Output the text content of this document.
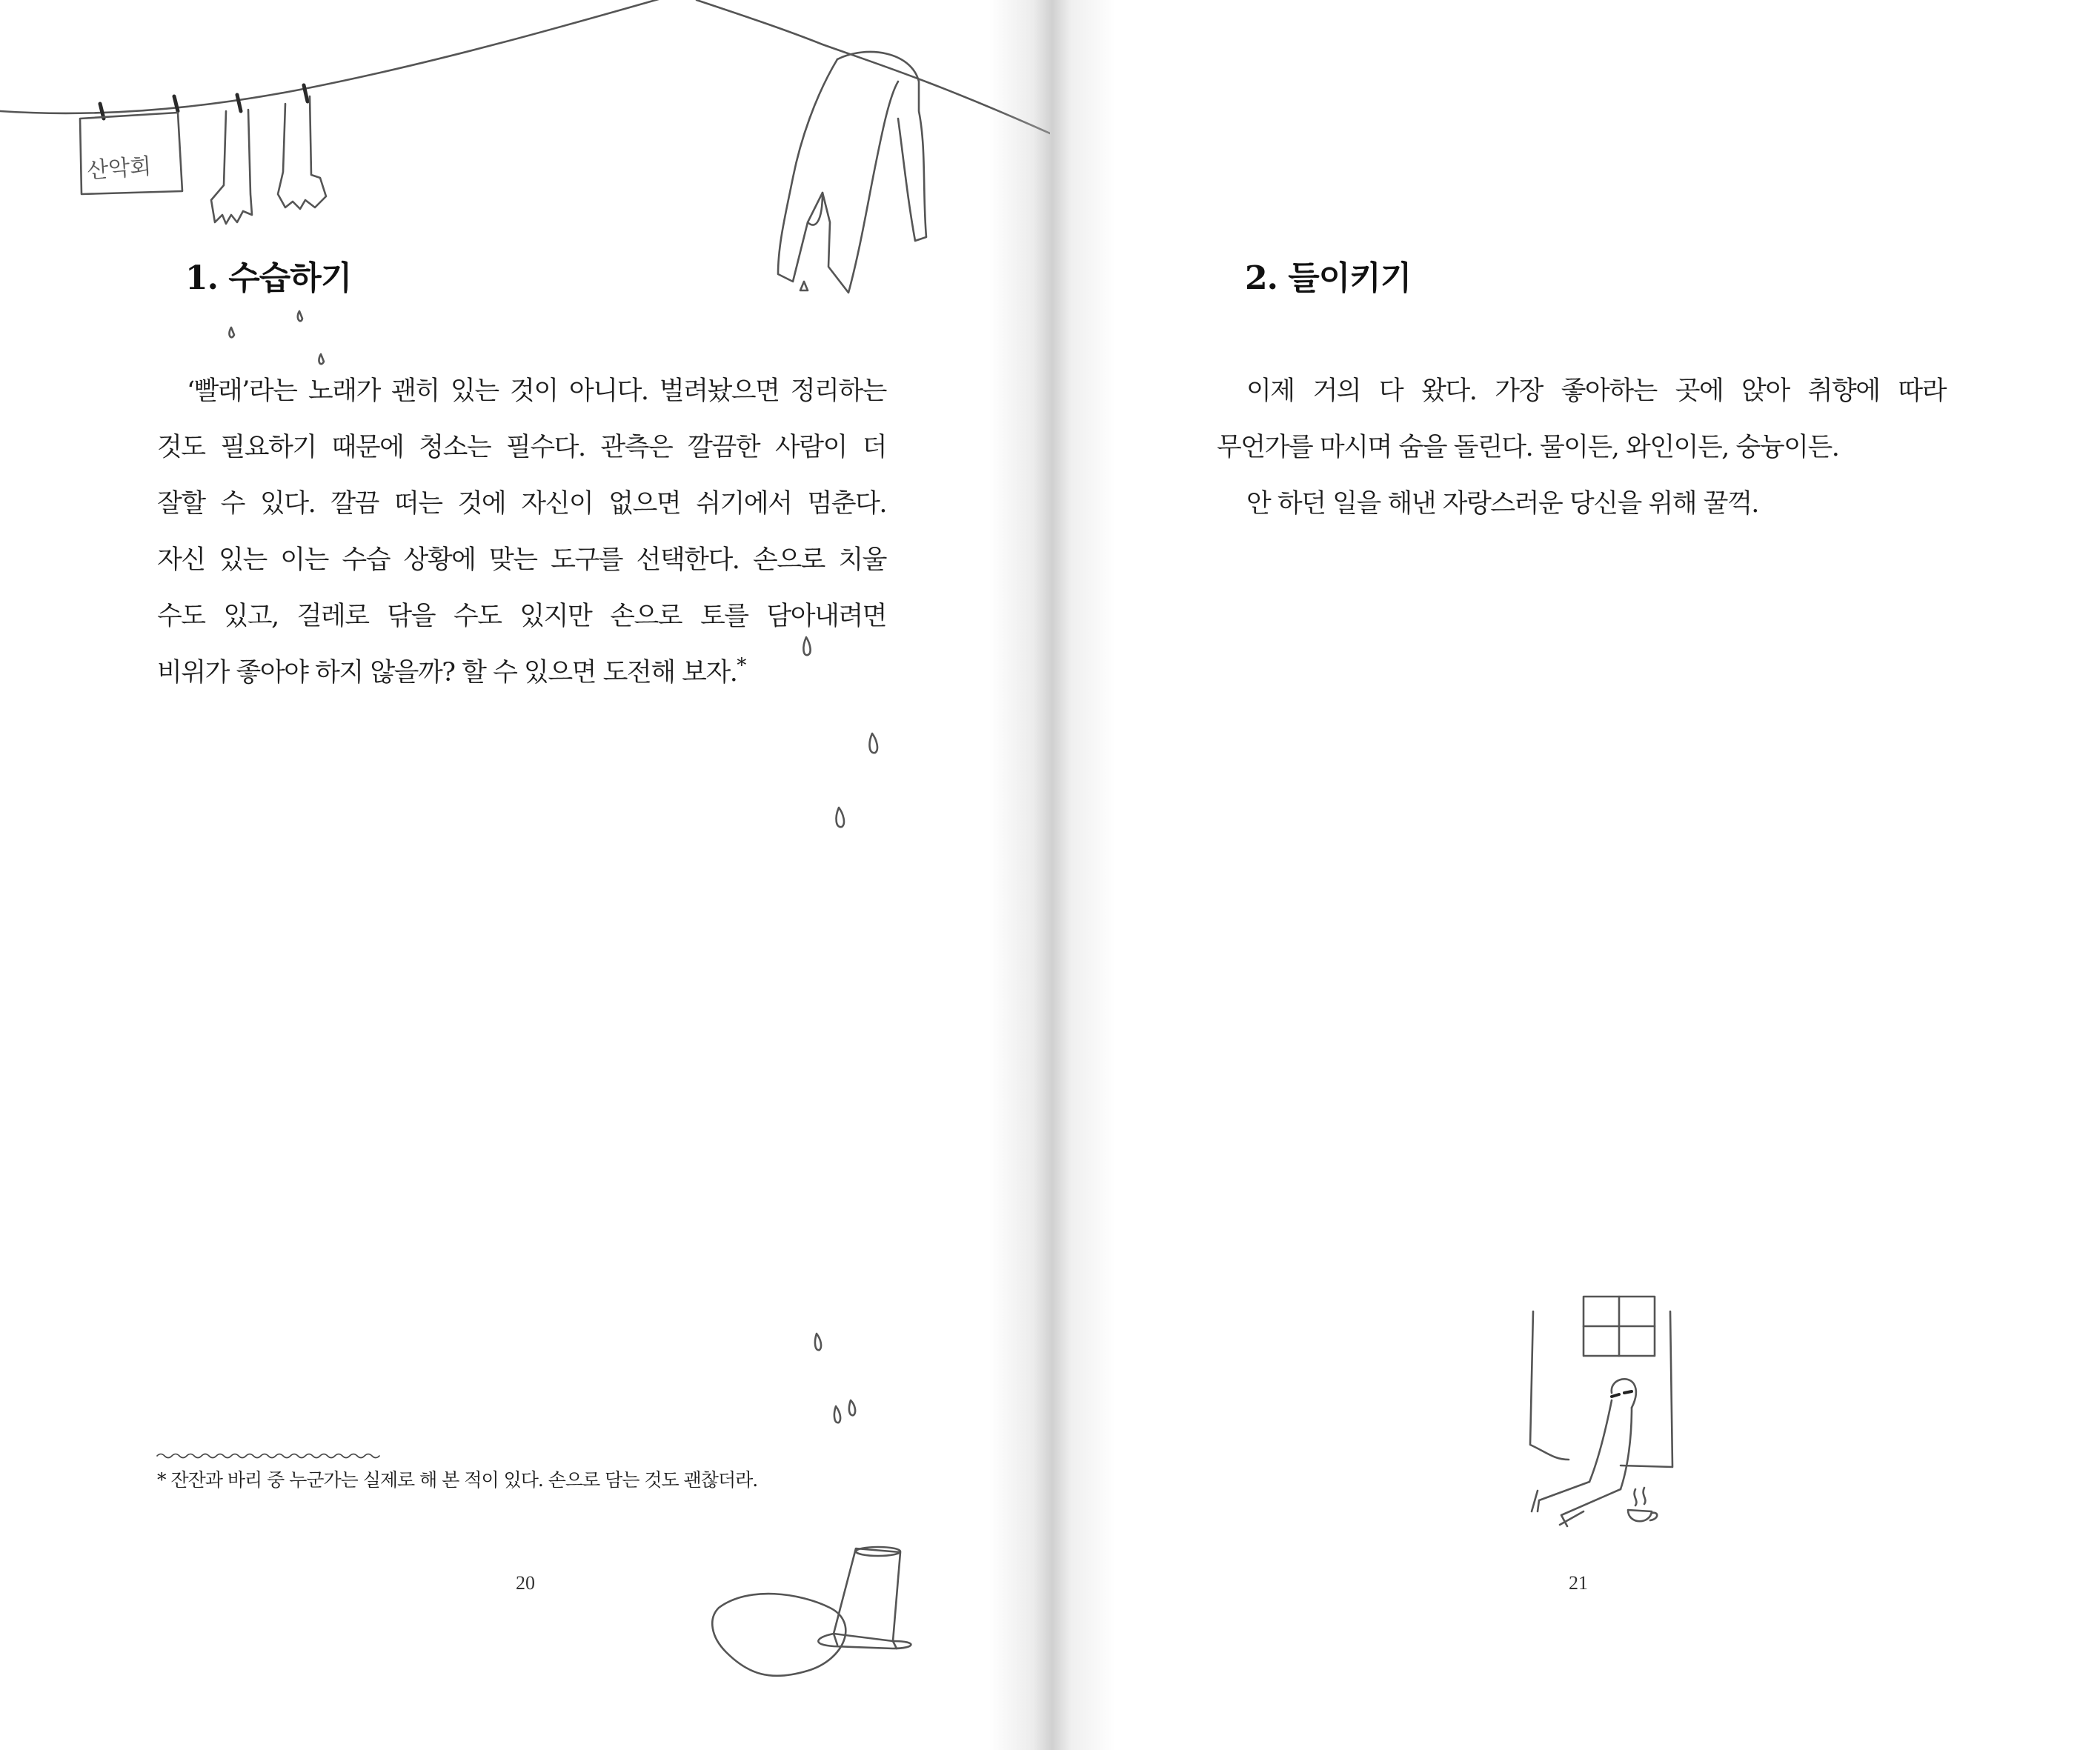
산악회
1. 수습하기

‘빨래’라는 노래가 괜히 있는 것이 아니다. 벌려놨으면 정리하는

것도 필요하기 때문에 청소는 필수다. 관측은 깔끔한 사람이 더

잘할 수 있다. 깔끔 떠는 것에 자신이 없으면 쉬기에서 멈춘다.

자신 있는 이는 수습 상황에 맞는 도구를 선택한다. 손으로 치울

수도 있고, 걸레로 닦을 수도 있지만 손으로 토를 담아내려면

비위가 좋아야 하지 않을까? 할 수 있으면 도전해 보자.*

* 잔잔과 바리 중 누군가는 실제로 해 본 적이 있다. 손으로 담는 것도 괜찮더라.

20
2. 들이키기

이제 거의 다 왔다. 가장 좋아하는 곳에 앉아 취향에 따라

무언가를 마시며 숨을 돌린다. 물이든, 와인이든, 숭늉이든.

안 하던 일을 해낸 자랑스러운 당신을 위해 꿀꺽.

21
